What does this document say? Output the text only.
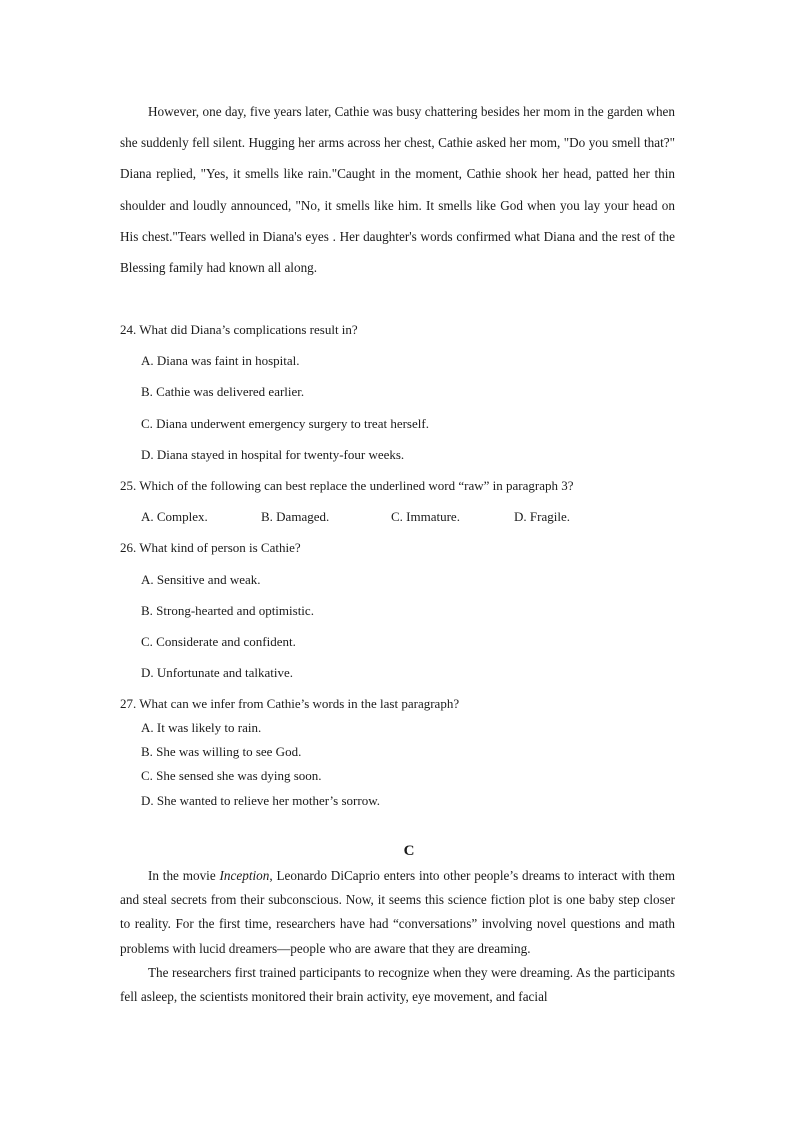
However, one day, five years later, Cathie was busy chattering besides her mom in the garden when she suddenly fell silent. Hugging her arms across her chest, Cathie asked her mom, "Do you smell that?" Diana replied, "Yes, it smells like rain."Caught in the moment, Cathie shook her head, patted her thin shoulder and loudly announced, "No, it smells like him. It smells like God when you lay your head on His chest."Tears welled in Diana's eyes . Her daughter's words confirmed what Diana and the rest of the Blessing family had known all along.

24. What did Diana’s complications result in?
A. Diana was faint in hospital.
B. Cathie was delivered earlier.
C. Diana underwent emergency surgery to treat herself.
D. Diana stayed in hospital for twenty-four weeks.
25. Which of the following can best replace the underlined word “raw” in paragraph 3?
A. Complex.	B. Damaged.	C. Immature.	D. Fragile.
26. What kind of person is Cathie?
A. Sensitive and weak.
B. Strong-hearted and optimistic.
C. Considerate and confident.
D. Unfortunate and talkative.
27. What can we infer from Cathie’s words in the last paragraph?
A. It was likely to rain.
B. She was willing to see God.
C. She sensed she was dying soon.
D. She wanted to relieve her mother’s sorrow.
C

In the movie Inception, Leonardo DiCaprio enters into other people’s dreams to interact with them and steal secrets from their subconscious. Now, it seems this science fiction plot is one baby step closer to reality. For the first time, researchers have had “conversations” involving novel questions and math problems with lucid dreamers—people who are aware that they are dreaming.

The researchers first trained participants to recognize when they were dreaming. As the participants fell asleep, the scientists monitored their brain activity, eye movement, and facial
